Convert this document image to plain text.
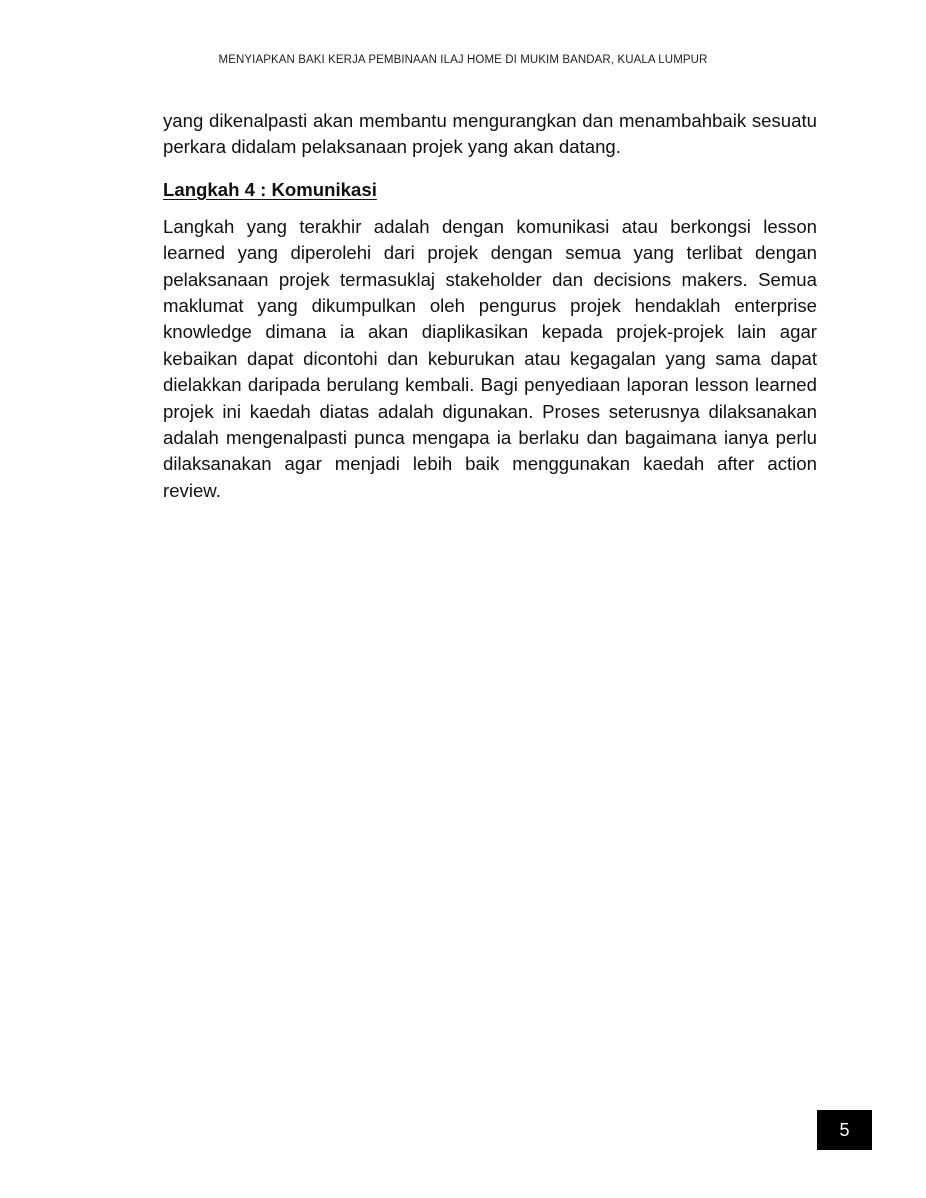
MENYIAPKAN BAKI KERJA PEMBINAAN ILAJ HOME DI MUKIM BANDAR, KUALA LUMPUR

yang dikenalpasti akan membantu mengurangkan dan menambahbaik sesuatu perkara didalam pelaksanaan projek yang akan datang.

Langkah 4 : Komunikasi

Langkah yang terakhir adalah dengan komunikasi atau berkongsi lesson learned yang diperolehi dari projek dengan semua yang terlibat dengan pelaksanaan projek termasuklaj stakeholder dan decisions makers. Semua maklumat yang dikumpulkan oleh pengurus projek hendaklah enterprise knowledge dimana ia akan diaplikasikan kepada projek-projek lain agar kebaikan dapat dicontohi dan keburukan atau kegagalan yang sama dapat dielakkan daripada berulang kembali. Bagi penyediaan laporan lesson learned projek ini kaedah diatas adalah digunakan. Proses seterusnya dilaksanakan adalah mengenalpasti punca mengapa ia berlaku dan bagaimana ianya perlu dilaksanakan agar menjadi lebih baik menggunakan kaedah after action review.

5
